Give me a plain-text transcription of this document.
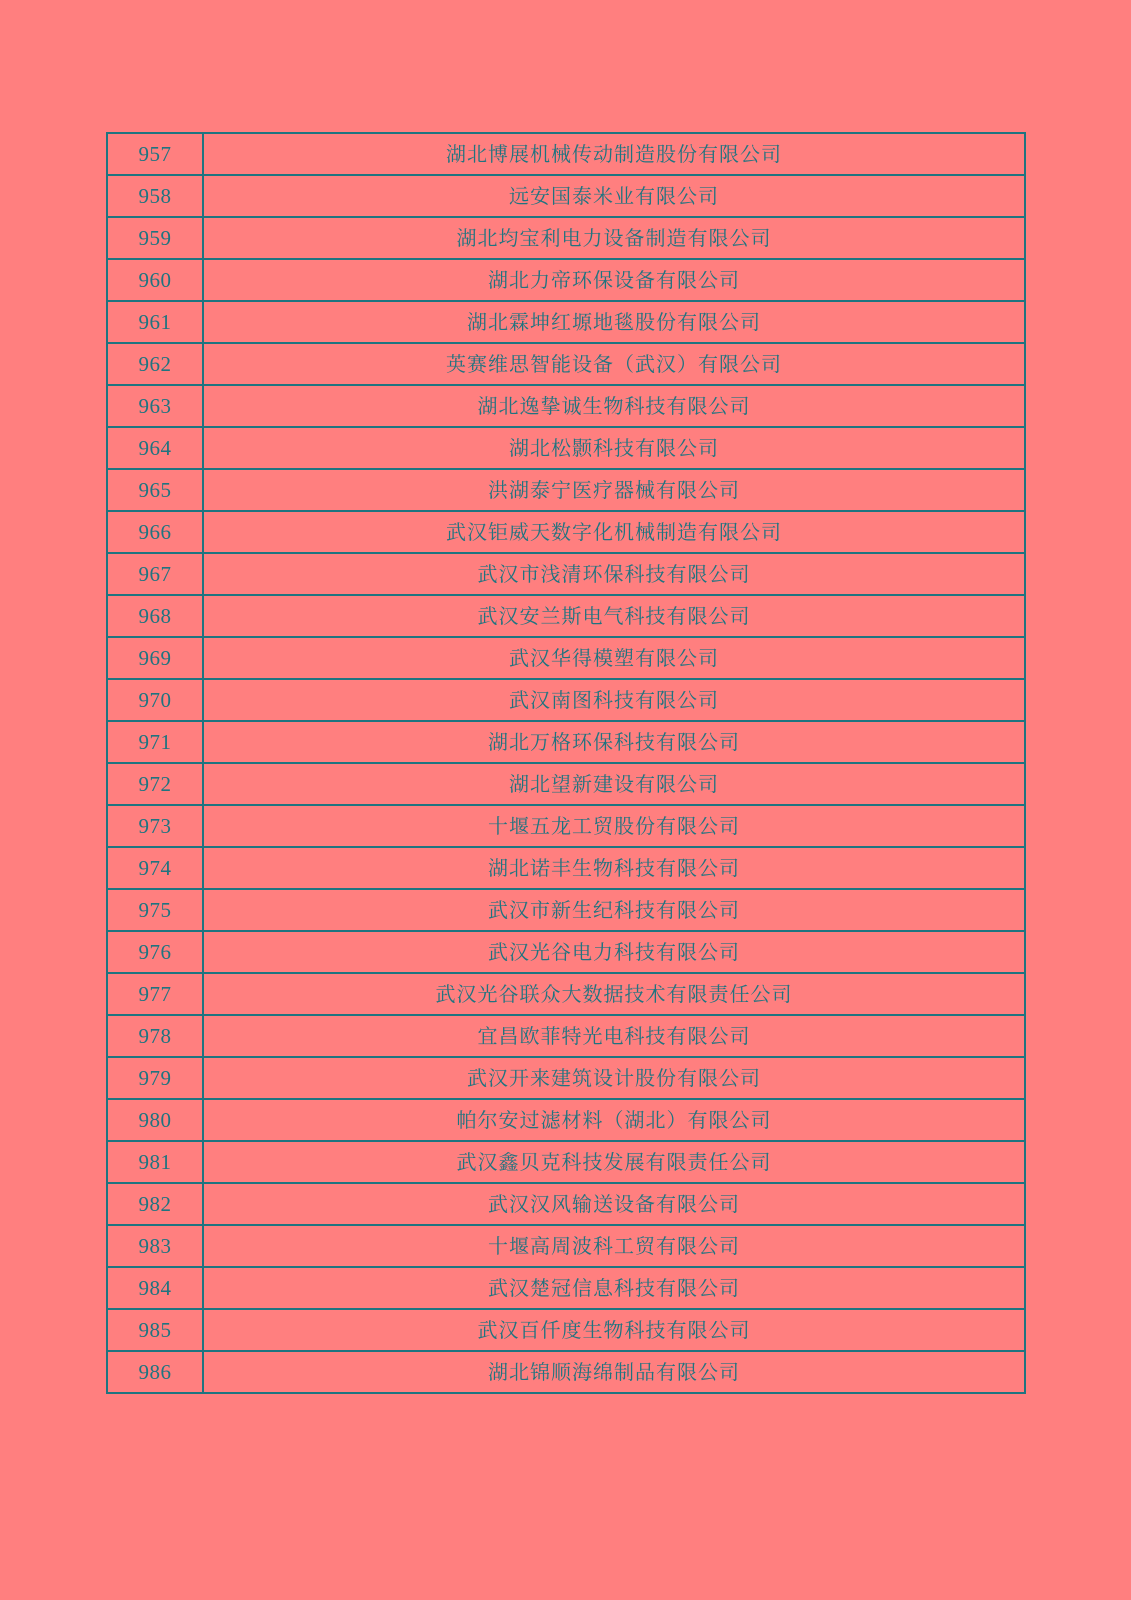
957	湖北博展机械传动制造股份有限公司
958	远安国泰米业有限公司
959	湖北均宝利电力设备制造有限公司
960	湖北力帝环保设备有限公司
961	湖北霖坤红塬地毯股份有限公司
962	英赛维思智能设备（武汉）有限公司
963	湖北逸挚诚生物科技有限公司
964	湖北松颢科技有限公司
965	洪湖泰宁医疗器械有限公司
966	武汉钜威天数字化机械制造有限公司
967	武汉市浅清环保科技有限公司
968	武汉安兰斯电气科技有限公司
969	武汉华得模塑有限公司
970	武汉南图科技有限公司
971	湖北万格环保科技有限公司
972	湖北望新建设有限公司
973	十堰五龙工贸股份有限公司
974	湖北诺丰生物科技有限公司
975	武汉市新生纪科技有限公司
976	武汉光谷电力科技有限公司
977	武汉光谷联众大数据技术有限责任公司
978	宜昌欧菲特光电科技有限公司
979	武汉开来建筑设计股份有限公司
980	帕尔安过滤材料（湖北）有限公司
981	武汉鑫贝克科技发展有限责任公司
982	武汉汉风输送设备有限公司
983	十堰高周波科工贸有限公司
984	武汉楚冠信息科技有限公司
985	武汉百仟度生物科技有限公司
986	湖北锦顺海绵制品有限公司
